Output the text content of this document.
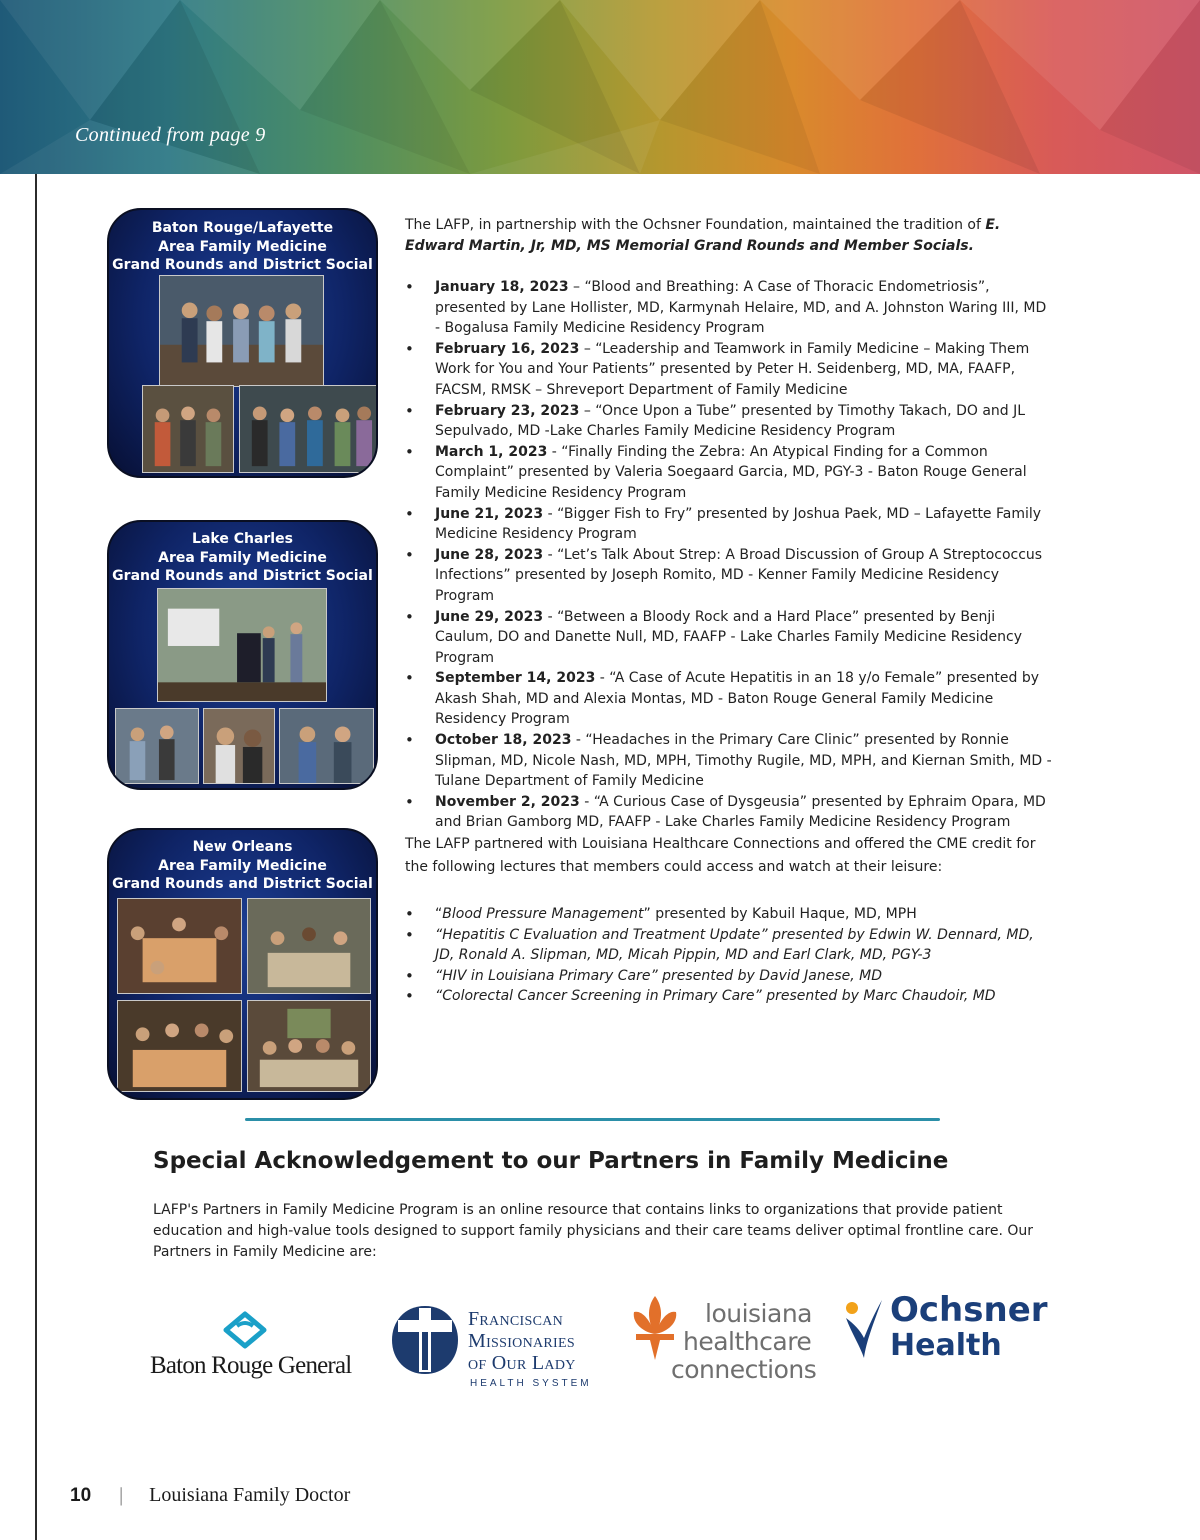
Continued from page 9
Baton Rouge/Lafayette
Area Family Medicine
Grand Rounds and District Social
Lake Charles
Area Family Medicine
Grand Rounds and District Social
New Orleans
Area Family Medicine
Grand Rounds and District Social
The LAFP, in partnership with the Ochsner Foundation, maintained the tradition of E. Edward Martin, Jr, MD, MS Memorial Grand Rounds and Member Socials.
• January 18, 2023 – “Blood and Breathing: A Case of Thoracic Endometriosis”, presented by Lane Hollister, MD, Karmynah Helaire, MD, and A. Johnston Waring III, MD - Bogalusa Family Medicine Residency Program
• February 16, 2023 – “Leadership and Teamwork in Family Medicine – Making Them Work for You and Your Patients” presented by Peter H. Seidenberg, MD, MA, FAAFP, FACSM, RMSK – Shreveport Department of Family Medicine
• February 23, 2023 – “Once Upon a Tube” presented by Timothy Takach, DO and JL Sepulvado, MD -Lake Charles Family Medicine Residency Program
• March 1, 2023 - “Finally Finding the Zebra: An Atypical Finding for a Common Complaint” presented by Valeria Soegaard Garcia, MD, PGY-3 - Baton Rouge General Family Medicine Residency Program
• June 21, 2023 - “Bigger Fish to Fry” presented by Joshua Paek, MD – Lafayette Family Medicine Residency Program
• June 28, 2023 - “Let’s Talk About Strep: A Broad Discussion of Group A Streptococcus Infections” presented by Joseph Romito, MD - Kenner Family Medicine Residency Program
• June 29, 2023 - “Between a Bloody Rock and a Hard Place” presented by Benji Caulum, DO and Danette Null, MD, FAAFP - Lake Charles Family Medicine Residency Program
• September 14, 2023 - “A Case of Acute Hepatitis in an 18 y/o Female” presented by Akash Shah, MD and Alexia Montas, MD - Baton Rouge General Family Medicine Residency Program
• October 18, 2023 - “Headaches in the Primary Care Clinic” presented by Ronnie Slipman, MD, Nicole Nash, MD, MPH, Timothy Rugile, MD, MPH, and Kiernan Smith, MD - Tulane Department of Family Medicine
• November 2, 2023 - “A Curious Case of Dysgeusia” presented by Ephraim Opara, MD and Brian Gamborg MD, FAAFP - Lake Charles Family Medicine Residency Program
The LAFP partnered with Louisiana Healthcare Connections and offered the CME credit for the following lectures that members could access and watch at their leisure:
• “Blood Pressure Management” presented by Kabuil Haque, MD, MPH
• “Hepatitis C Evaluation and Treatment Update” presented by Edwin W. Dennard, MD, JD, Ronald A. Slipman, MD, Micah Pippin, MD and Earl Clark, MD, PGY-3
• “HIV in Louisiana Primary Care” presented by David Janese, MD
• “Colorectal Cancer Screening in Primary Care” presented by Marc Chaudoir, MD
Special Acknowledgement to our Partners in Family Medicine
LAFP's Partners in Family Medicine Program is an online resource that contains links to organizations that provide patient education and high-value tools designed to support family physicians and their care teams deliver optimal frontline care. Our Partners in Family Medicine are:
Baton Rouge General
Franciscan
Missionaries
of Our Lady
HEALTH SYSTEM
louisiana
healthcare
connections
Ochsner
Health
10 | Louisiana Family Doctor
